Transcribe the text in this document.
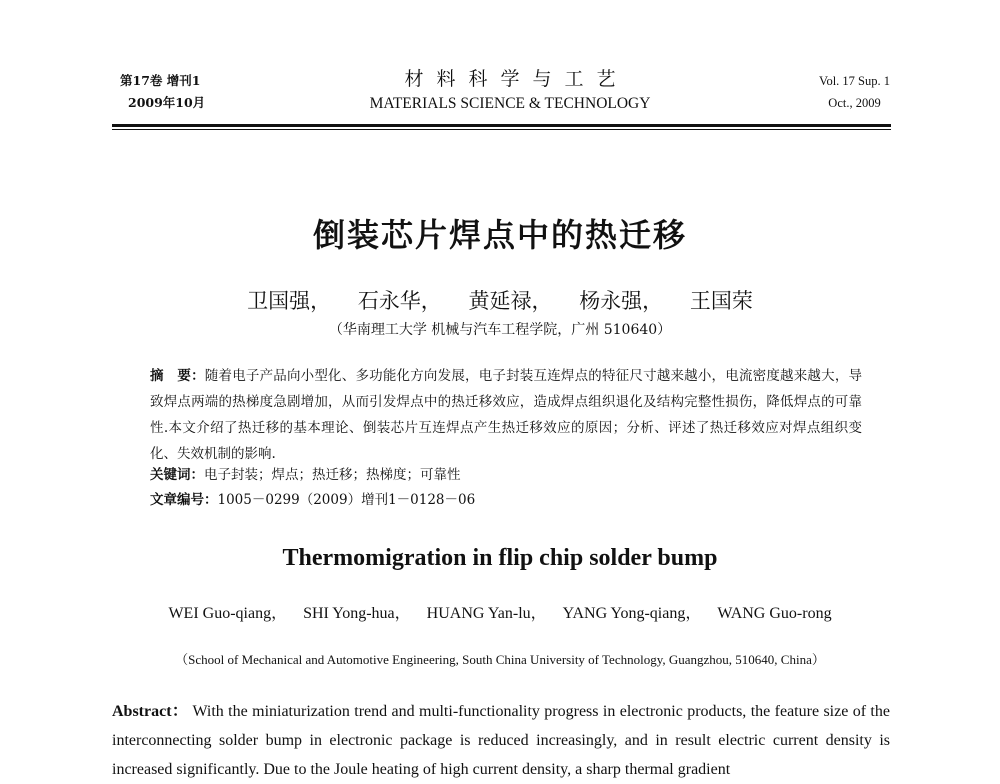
第17卷 增刊1
2009年10月
材料科学与工艺
MATERIALS SCIENCE & TECHNOLOGY
Vol. 17 Sup. 1
Oct., 2009
倒装芯片焊点中的热迁移
卫国强， 石永华， 黄延禄， 杨永强， 王国荣
（华南理工大学 机械与汽车工程学院，广州 510640）
摘　要：随着电子产品向小型化、多功能化方向发展，电子封装互连焊点的特征尺寸越来越小，电流密度越来越大，导致焊点两端的热梯度急剧增加，从而引发焊点中的热迁移效应，造成焊点组织退化及结构完整性损伤，降低焊点的可靠性.本文介绍了热迁移的基本理论、倒装芯片互连焊点产生热迁移效应的原因；分析、评述了热迁移效应对焊点组织变化、失效机制的影响.
关键词：电子封装；焊点；热迁移；热梯度；可靠性
文章编号：1005－0299（2009）增刊1－0128－06
Thermomigration in flip chip solder bump
WEI Guo-qiang， SHI Yong-hua， HUANG Yan-lu， YANG Yong-qiang， WANG Guo-rong
（School of Mechanical and Automotive Engineering, South China University of Technology, Guangzhou, 510640, China）
Abstract： With the miniaturization trend and multi-functionality progress in electronic products, the feature size of the interconnecting solder bump in electronic package is reduced increasingly, and in result electric current density is increased significantly. Due to the Joule heating of high current density, a sharp thermal gradient
